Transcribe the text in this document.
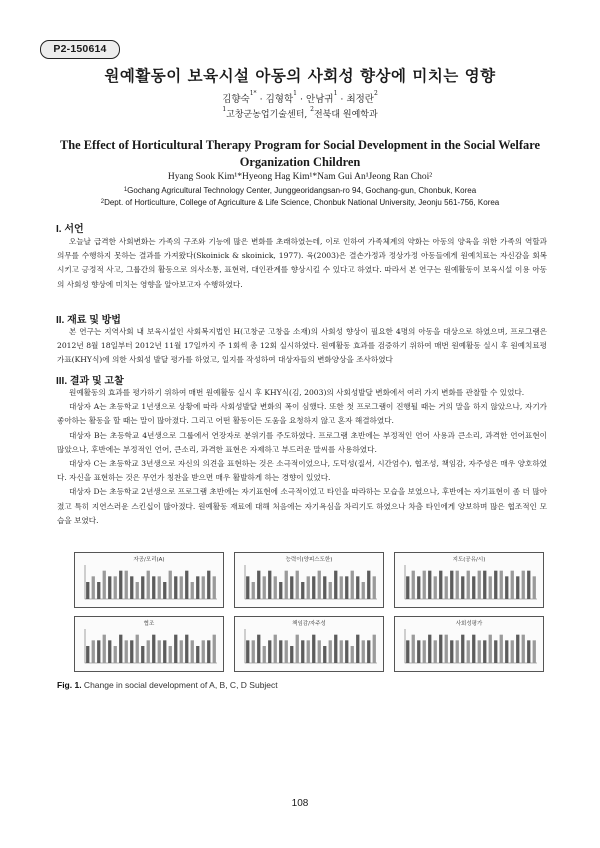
P2-150614
원예활동이 보육시설 아동의 사회성 향상에 미치는 영향
김향숙$^{1*}$ · 김형학$^1$ · 안남귀$^1$ · 최정란$^2$
$^1$고창군농업기술센터, $^2$전북대 원예학과
The Effect of Horticultural Therapy Program for Social Development in the Social Welfare Organization Children
Hyang Sook Kim¹*Hyeong Hag Kim¹*Nam Gui An¹Jeong Ran Choi²
$^1$Gochang Agricultural Technology Center, Junggeoridangsan-ro 94, Gochang-gun, Chonbuk, Korea
$^2$Dept. of Horticulture, College of Agriculture & Life Science, Chonbuk National University, Jeonju 561-756, Korea
I. 서언

오늘날 급격한 사회변화는 가족의 구조와 기능에 많은 변화를 초래하였는데, 이로 인하여 가족체계의 약화는 아동의 양육을 위한 가족의 역할과 의무를 수행하지 못하는 결과를 가져왔다(Skoinick & skoinick, 1977). 육(2003)은 결손가정과 정상가정 아동들에게 원예치료는 자신감을 회복시키고 긍정적 사고, 그룹간의 활동으로 의사소통, 표현력, 대인관계를 향상시킬 수 있다고 하였다. 따라서 본 연구는 원예활동이 보육시설 이용 아동의 사회성 향상에 미치는 영향을 알아보고자 수행하였다.

II. 재료 및 방법

본 연구는 지역사회 내 보육시설인 사회복지법인 H(고창군 고창읍 소재)의 사회성 향상이 필요한 4명의 아동을 대상으로 하였으며, 프로그램은 2012년 8월 18일부터 2012년 11월 17일까지 주 1회씩 총 12회 실시하였다. 원예활동 효과를 검증하기 위하여 매번 원예활동 실시 후 원예치료평가표(KHY식)에 의한 사회성 발달 평가를 하였고, 일지를 작성하여 대상자들의 변화양상을 조사하였다

III. 결과 및 고찰

원예활동의 효과를 평가하기 위하여 매번 원예활동 실시 후 KHY식(김, 2003)의 사회성발달 변화에서 여러 가지 변화를 관찰할 수 있었다.

대상자 A는 초등학교 1년생으로 상황에 따라 사회성발달 변화의 폭이 심했다. 또한 첫 프로그램이 진행될 때는 거의 말을 하지 않았으나, 자기가 좋아하는 활동을 할 때는 말이 많아졌다. 그리고 어떤 활동이든 도움을 요청하지 않고 혼자 해결하였다.

대상자 B는 초등학교 4년생으로 그룹에서 연장자로 분위기를 주도하였다. 프로그램 초반에는 부정적인 언어 사용과 큰소리, 과격한 언어표현이 많았으나, 후반에는 부정적인 언어, 큰소리, 과격한 표현은 자제하고 부드러운 말씨를 사용하였다.

대상자 C는 초등학교 3년생으로 자신의 의견을 표현하는 것은 소극적이었으나, 도덕성(질서, 시간엄수), 협조성, 책임감, 자주성은 매우 양호하였다. 자신을 표현하는 것은 무언가 칭찬을 받으면 매우 활발하게 하는 경향이 있었다.

대상자 D는 초등학교 2년생으로 프로그램 초반에는 자기표현에 소극적이었고 타인을 따라하는 모습을 보였으나, 후반에는 자기표현이 좀 더 많아졌고 특히 지연스러운 스킨십이 많아졌다. 원예활동 재료에 대해 처음에는 자기욕심을 차리기도 하였으나 차츰 타인에게 양보하며 많은 협조적인 모습을 보였다.

자공/모리(A)	능력이(양피스도한)	지도(공유/시)
협조	책임감/자주성	사회성평가
Fig. 1. Change in social development of A, B, C, D Subject
108
